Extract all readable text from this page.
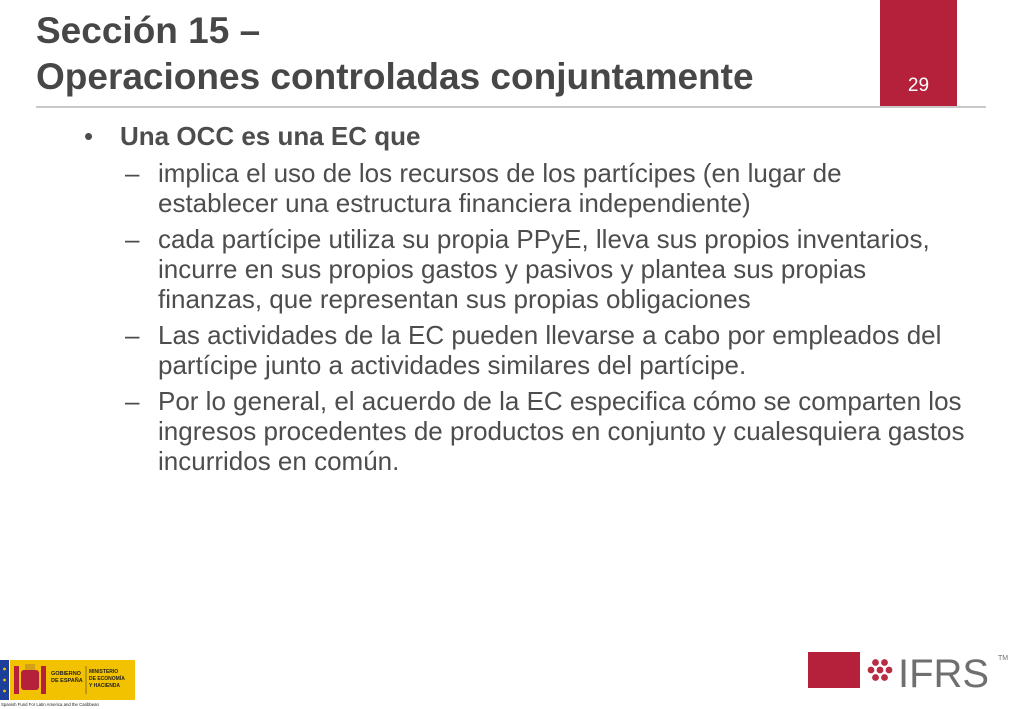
Sección 15 –
Operaciones controladas conjuntamente	29
•	Una OCC es una EC que
– implica el uso de los recursos de los partícipes (en lugar de establecer una estructura financiera independiente)
– cada partícipe utiliza su propia PPyE, lleva sus propios inventarios, incurre en sus propios gastos y pasivos y plantea sus propias finanzas, que representan sus propias obligaciones
– Las actividades de la EC pueden llevarse a cabo por empleados del partícipe junto a actividades similares del partícipe.
– Por lo general, el acuerdo de la EC especifica cómo se comparten los ingresos procedentes de productos en conjunto y cualesquiera gastos incurridos en común.
GOBIERNO
DE ESPAÑA
MINISTERIO
DE ECONOMÍA
Y HACIENDA
Spanish Fund For Latin America and the Caribbean
IFRS TM
